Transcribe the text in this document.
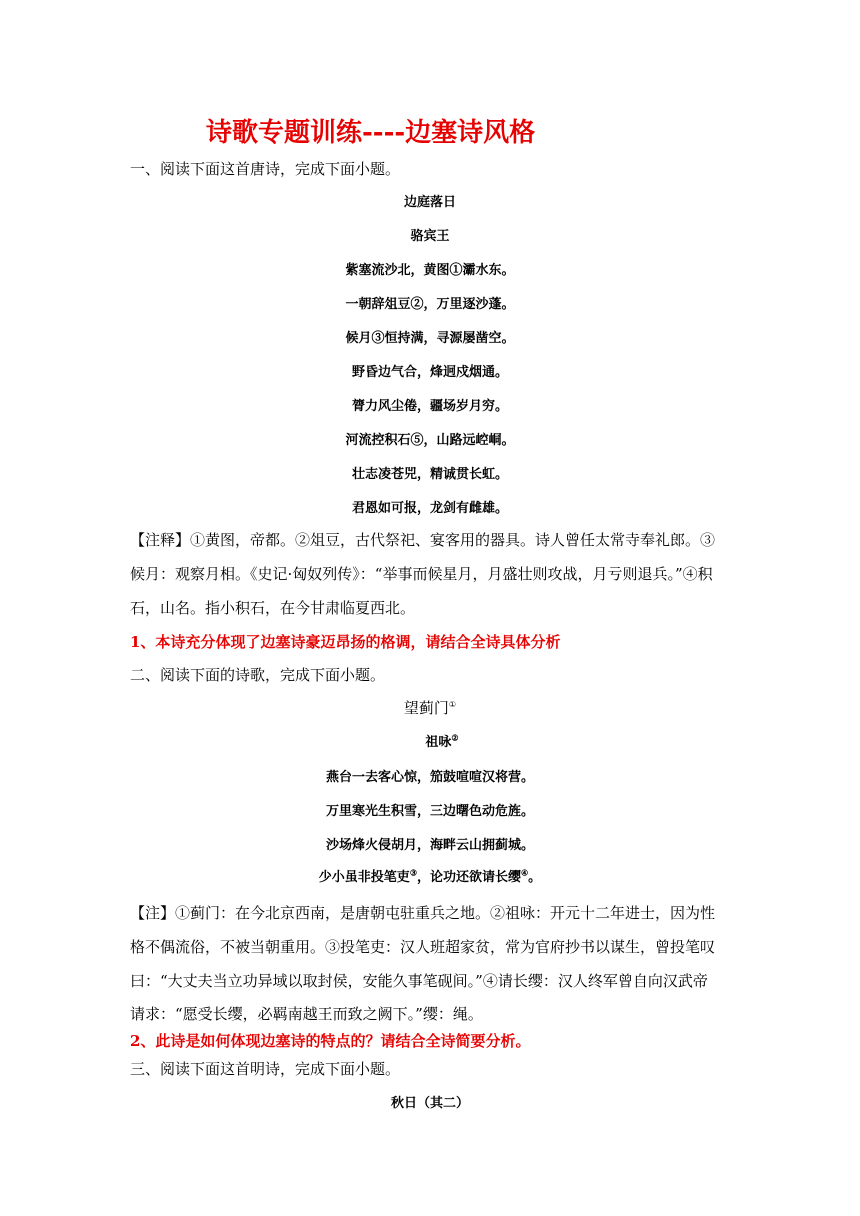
诗歌专题训练----边塞诗风格
一、阅读下面这首唐诗，完成下面小题。
边庭落日
骆宾王
紫塞流沙北，黄图①灞水东。
一朝辞俎豆②，万里逐沙蓬。
候月③恒持满，寻源屡凿空。
野昏边气合，烽迥戍烟通。
膂力风尘倦，疆场岁月穷。
河流控积石⑤，山路远崆峒。
壮志凌苍兕，精诚贯长虹。
君恩如可报，龙剑有雌雄。
【注释】①黄图，帝都。②俎豆，古代祭祀、宴客用的器具。诗人曾任太常寺奉礼郎。③
候月：观察月相。《史记·匈奴列传》：“举事而候星月，月盛壮则攻战，月亏则退兵。”④积
石，山名。指小积石，在今甘肃临夏西北。
1、本诗充分体现了边塞诗豪迈昂扬的格调，请结合全诗具体分析
二、阅读下面的诗歌，完成下面小题。
望蓟门①
祖咏②
燕台一去客心惊，笳鼓喧喧汉将营。
万里寒光生积雪，三边曙色动危旌。
沙场烽火侵胡月，海畔云山拥蓟城。
少小虽非投笔吏③，论功还欲请长缨④。
【注】①蓟门：在今北京西南，是唐朝屯驻重兵之地。②祖咏：开元十二年进士，因为性
格不偶流俗，不被当朝重用。③投笔吏：汉人班超家贫，常为官府抄书以谋生，曾投笔叹
曰：“大丈夫当立功异域以取封侯，安能久事笔砚间。”④请长缨：汉人终军曾自向汉武帝
请求：“愿受长缨，必羁南越王而致之阙下。”缨：绳。
2、此诗是如何体现边塞诗的特点的？请结合全诗简要分析。
三、阅读下面这首明诗，完成下面小题。
秋日（其二）
